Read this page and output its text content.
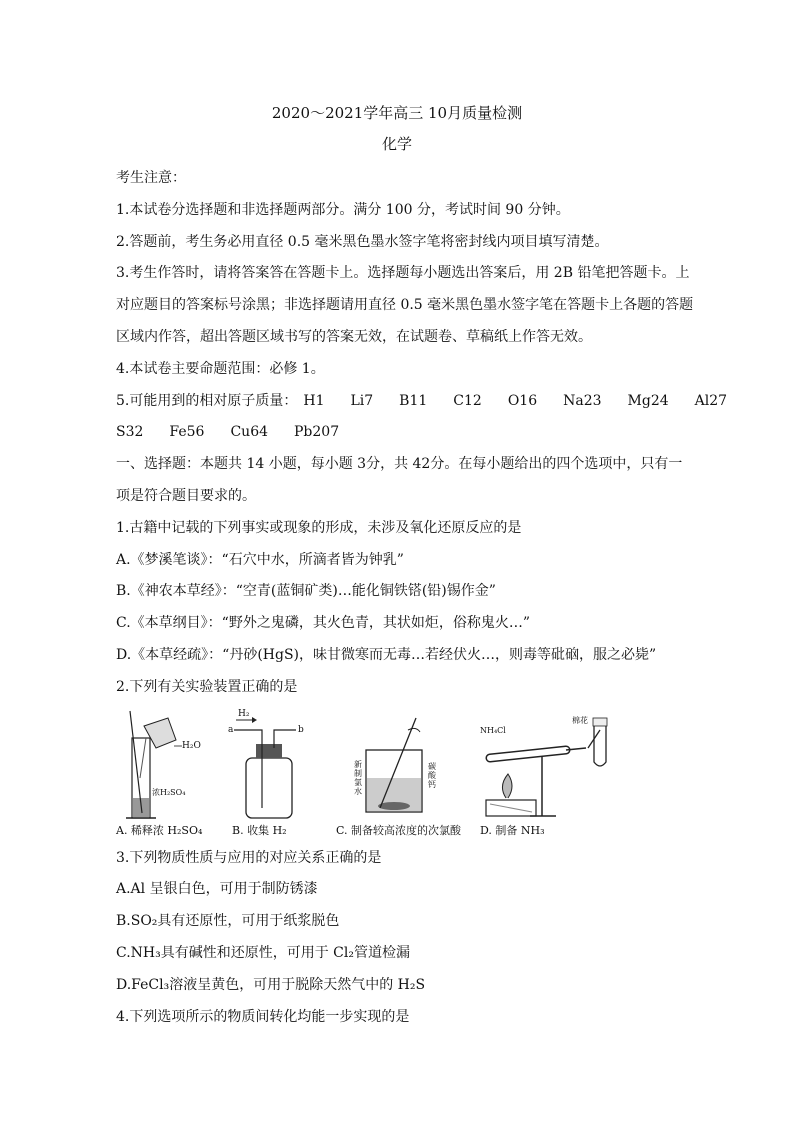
2020～2021学年高三 10月质量检测
化学

考生注意：

1.本试卷分选择题和非选择题两部分。满分 100 分，考试时间 90 分钟。

2.答题前，考生务必用直径 0.5 毫米黑色墨水签字笔将密封线内项目填写清楚。

3.考生作答时，请将答案答在答题卡上。选择题每小题选出答案后，用 2B 铅笔把答题卡。上

对应题目的答案标号涂黑；非选择题请用直径 0.5 毫米黑色墨水签字笔在答题卡上各题的答题

区域内作答，超出答题区域书写的答案无效，在试题卷、草稿纸上作答无效。

4.本试卷主要命题范围：必修 1。

5.可能用到的相对原子质量： H1 Li7 B11 C12 O16 Na23 Mg24 Al27

S32 Fe56 Cu64 Pb207

一、选择题：本题共 14 小题，每小题 3分，共 42分。在每小题给出的四个选项中，只有一

项是符合题目要求的。

1.古籍中记载的下列事实或现象的形成，未涉及氧化还原反应的是

A.《梦溪笔谈》：“石穴中水，所滴者皆为钟乳”

B.《神农本草经》：“空青(蓝铜矿类)…能化铜铁𨱏(铅)锡作金”

C.《本草纲目》：“野外之鬼磷，其火色青，其状如炬，俗称鬼火…”

D.《本草经疏》：“丹砂(HgS)，味甘微寒而无毒…若经伏火…，则毒等砒硇，服之必毙”

2.下列有关实验装置正确的是

H₂O
浓H₂SO₄
A. 稀释浓 H₂SO₄
H₂
a	b
B. 收集 H₂
新制氯水
碳酸钙
C. 制备较高浓度的次氯酸
NH₄Cl
棉花
D. 制备 NH₃

3.下列物质性质与应用的对应关系正确的是

A.Al 呈银白色，可用于制防锈漆

B.SO₂具有还原性，可用于纸浆脱色

C.NH₃具有碱性和还原性，可用于 Cl₂管道检漏

D.FeCl₃溶液呈黄色，可用于脱除天然气中的 H₂S

4.下列选项所示的物质间转化均能一步实现的是
